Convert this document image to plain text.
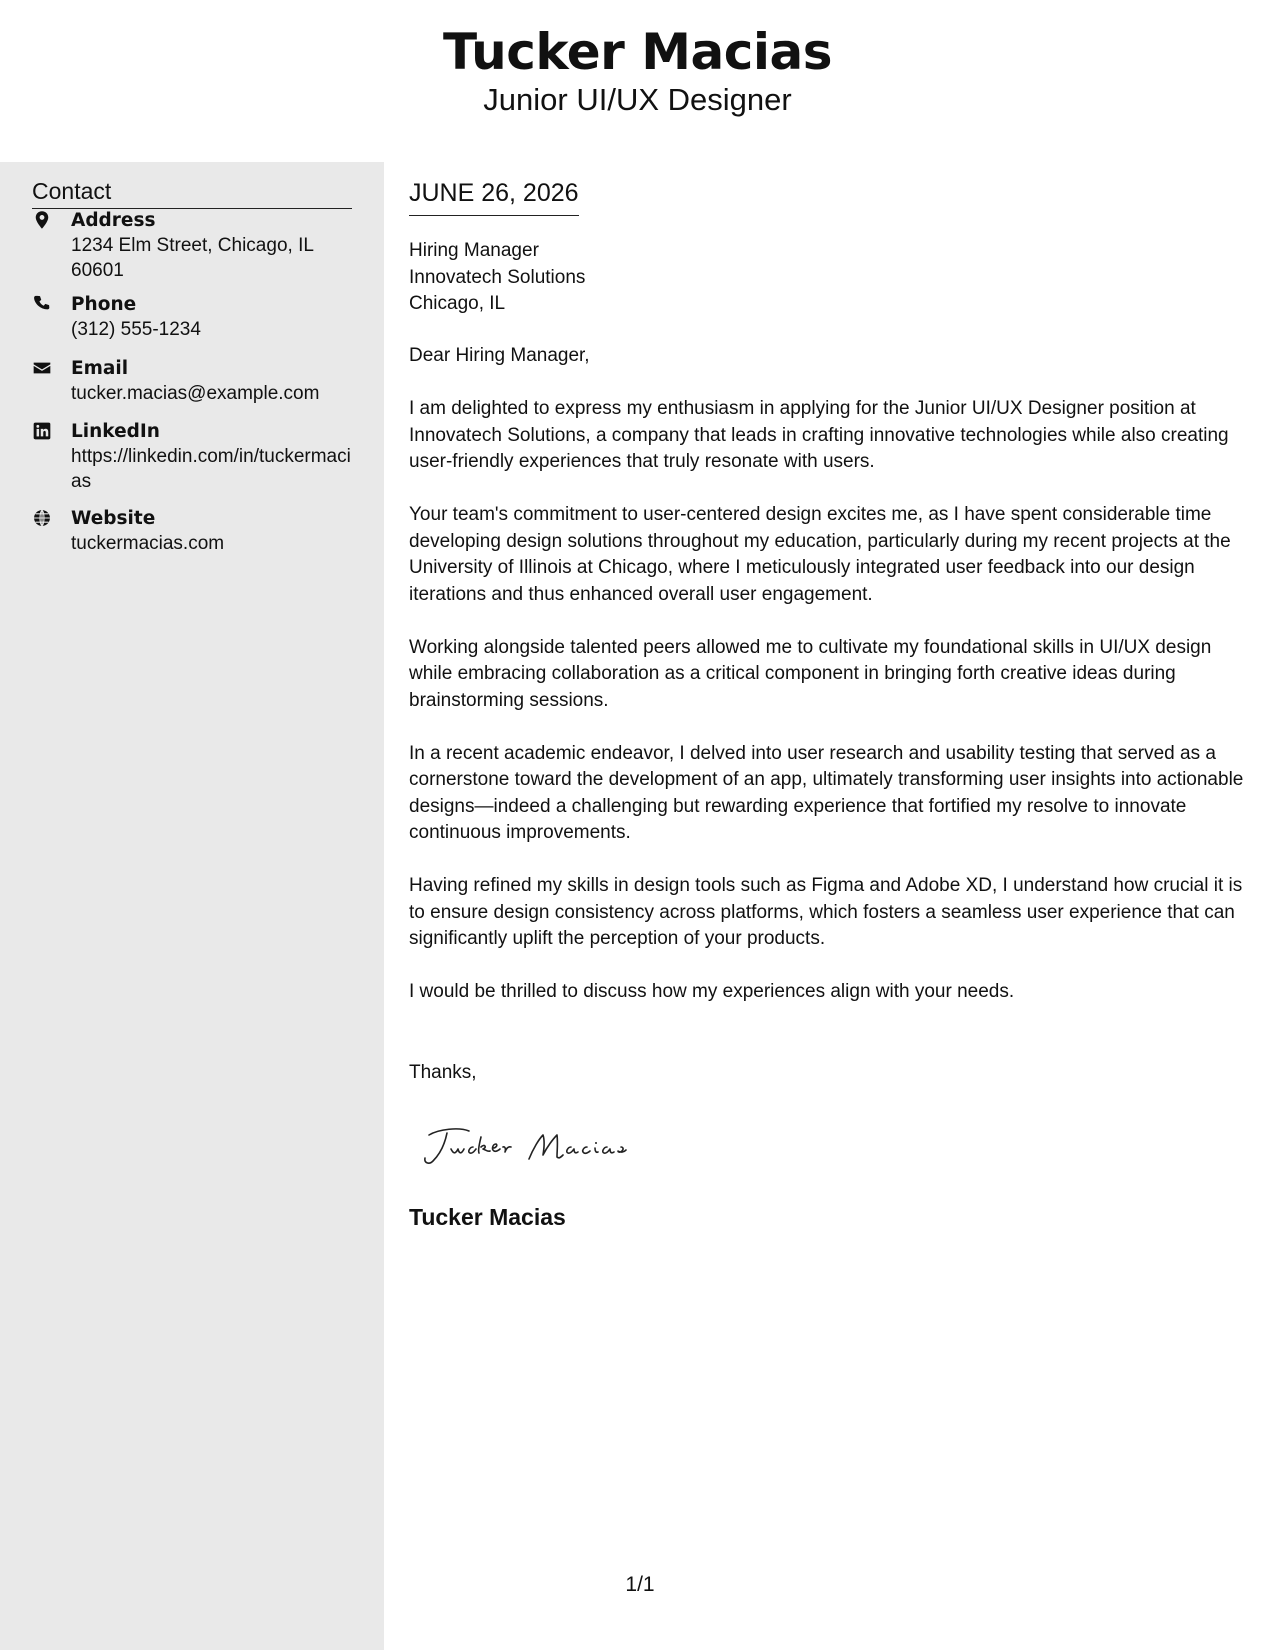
Tucker Macias
Junior UI/UX Designer
Contact
Address
1234 Elm Street, Chicago, IL 60601
Phone
(312) 555-1234
Email
tucker.macias@example.com
LinkedIn
https://linkedin.com/in/tuckermacias
Website
tuckermacias.com
JUNE 26, 2026
Hiring Manager
Innovatech Solutions
Chicago, IL

Dear Hiring Manager,

I am delighted to express my enthusiasm in applying for the Junior UI/UX Designer position at Innovatech Solutions, a company that leads in crafting innovative technologies while also creating user-friendly experiences that truly resonate with users.

Your team's commitment to user-centered design excites me, as I have spent considerable time developing design solutions throughout my education, particularly during my recent projects at the University of Illinois at Chicago, where I meticulously integrated user feedback into our design iterations and thus enhanced overall user engagement.

Working alongside talented peers allowed me to cultivate my foundational skills in UI/UX design while embracing collaboration as a critical component in bringing forth creative ideas during brainstorming sessions.

In a recent academic endeavor, I delved into user research and usability testing that served as a cornerstone toward the development of an app, ultimately transforming user insights into actionable designs—indeed a challenging but rewarding experience that fortified my resolve to innovate continuous improvements.

Having refined my skills in design tools such as Figma and Adobe XD, I understand how crucial it is to ensure design consistency across platforms, which fosters a seamless user experience that can significantly uplift the perception of your products.

I would be thrilled to discuss how my experiences align with your needs.

Thanks,
Tucker Macias
1/1
